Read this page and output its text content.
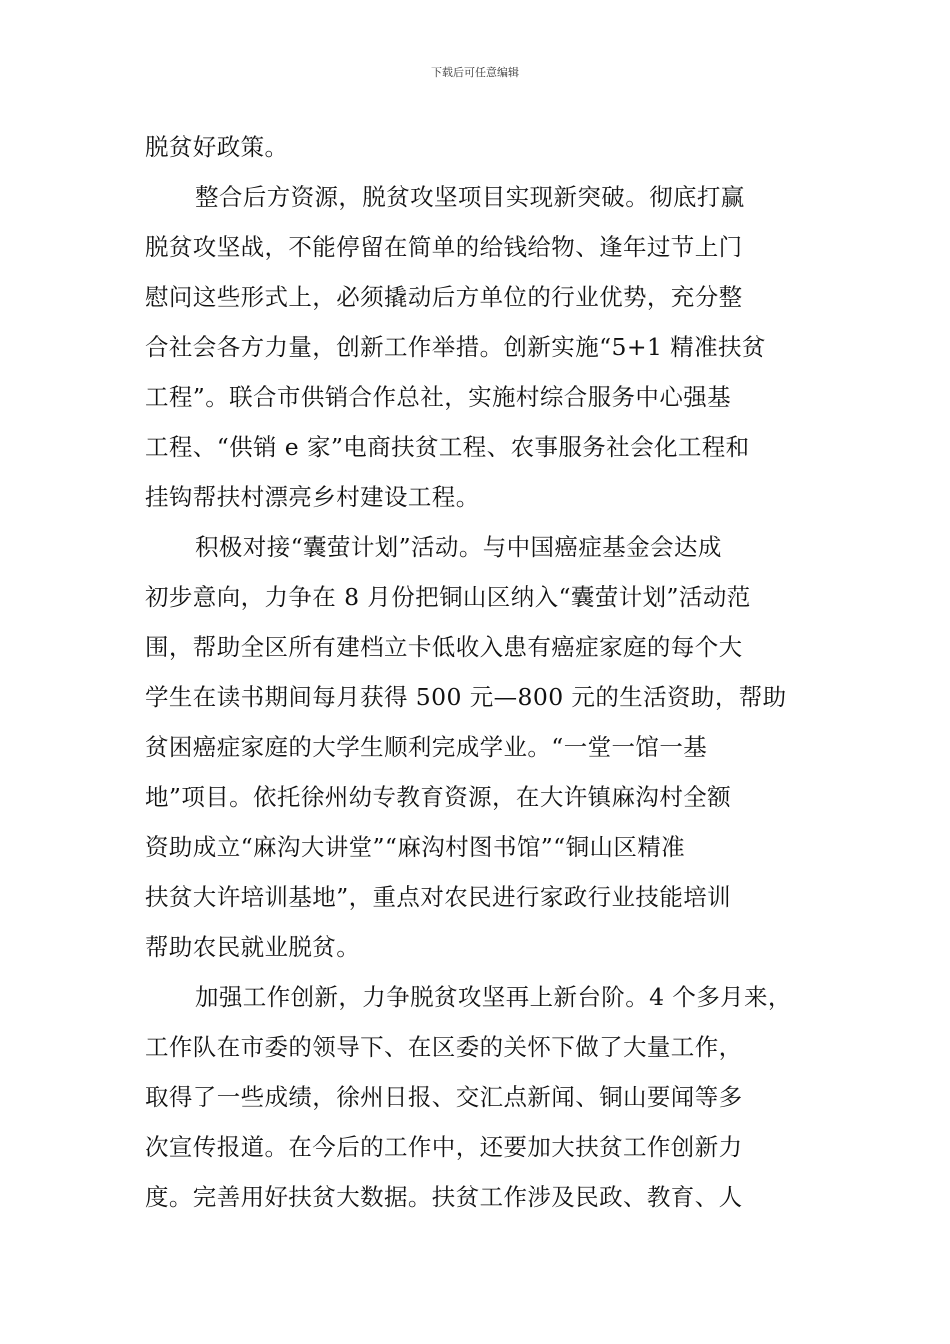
下载后可任意编辑
脱贫好政策。
整合后方资源，脱贫攻坚项目实现新突破。彻底打赢
脱贫攻坚战，不能停留在简单的给钱给物、逢年过节上门
慰问这些形式上，必须撬动后方单位的行业优势，充分整
合社会各方力量，创新工作举措。创新实施“5+1 精准扶贫
工程”。联合市供销合作总社，实施村综合服务中心强基
工程、“供销 e 家”电商扶贫工程、农事服务社会化工程和
挂钩帮扶村漂亮乡村建设工程。
积极对接“囊萤计划”活动。与中国癌症基金会达成
初步意向，力争在 8 月份把铜山区纳入“囊萤计划”活动范
围，帮助全区所有建档立卡低收入患有癌症家庭的每个大
学生在读书期间每月获得 500 元—800 元的生活资助，帮助
贫困癌症家庭的大学生顺利完成学业。“一堂一馆一基
地”项目。依托徐州幼专教育资源，在大许镇麻沟村全额
资助成立“麻沟大讲堂”“麻沟村图书馆”“铜山区精准
扶贫大许培训基地”，重点对农民进行家政行业技能培训
帮助农民就业脱贫。
加强工作创新，力争脱贫攻坚再上新台阶。4 个多月来，
工作队在市委的领导下、在区委的关怀下做了大量工作，
取得了一些成绩，徐州日报、交汇点新闻、铜山要闻等多
次宣传报道。在今后的工作中，还要加大扶贫工作创新力
度。完善用好扶贫大数据。扶贫工作涉及民政、教育、人
